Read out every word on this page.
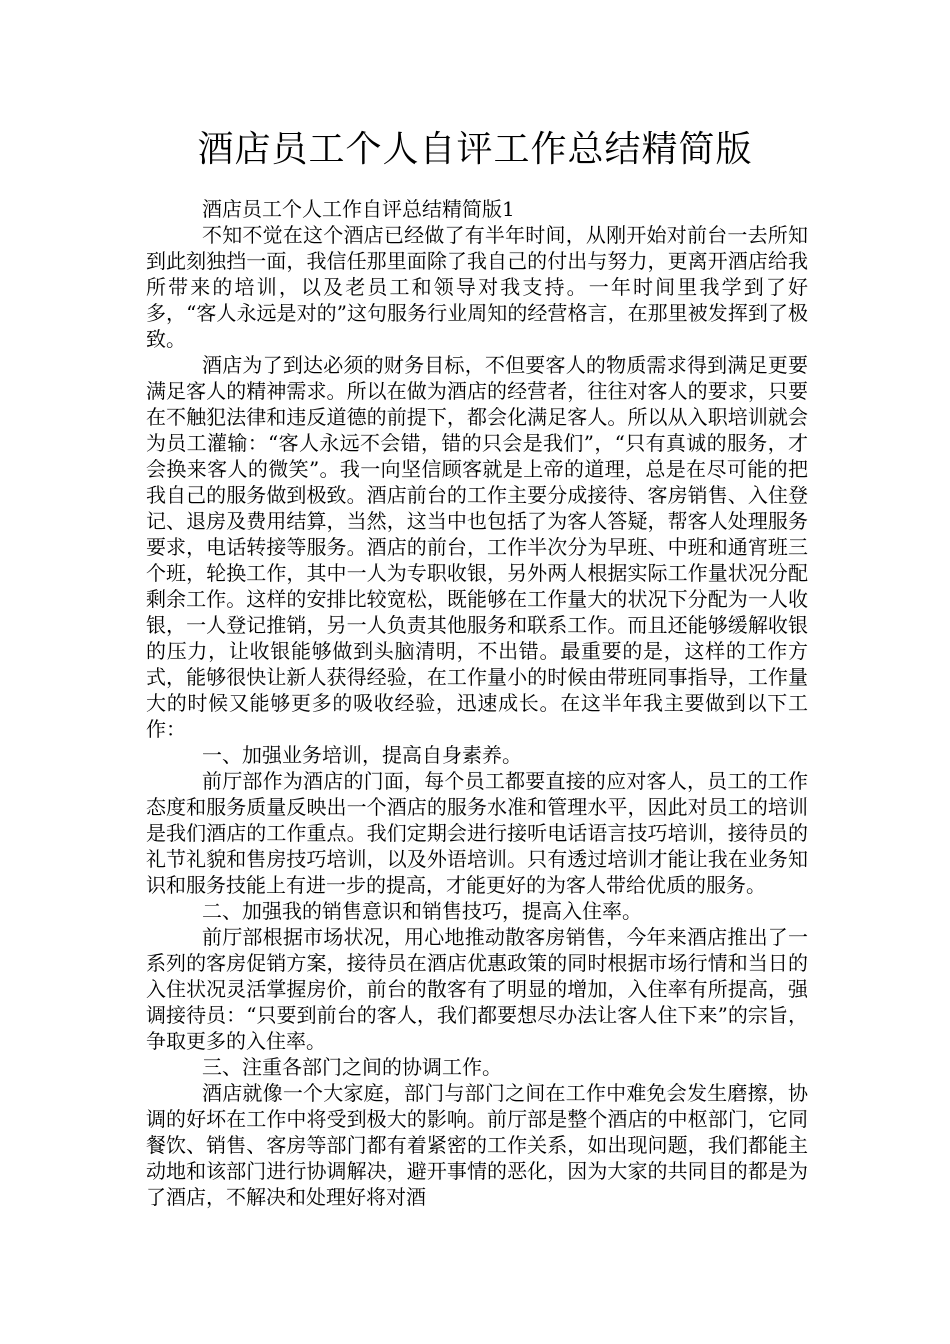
酒店员工个人自评工作总结精简版

酒店员工个人工作自评总结精简版1

不知不觉在这个酒店已经做了有半年时间，从刚开始对前台一去所知到此刻独挡一面，我信任那里面除了我自己的付出与努力，更离开酒店给我所带来的培训，以及老员工和领导对我支持。一年时间里我学到了好多，“客人永远是对的”这句服务行业周知的经营格言，在那里被发挥到了极致。

酒店为了到达必须的财务目标，不但要客人的物质需求得到满足更要满足客人的精神需求。所以在做为酒店的经营者，往往对客人的要求，只要在不触犯法律和违反道德的前提下，都会化满足客人。所以从入职培训就会为员工灌输：“客人永远不会错，错的只会是我们”，“只有真诚的服务，才会换来客人的微笑”。我一向坚信顾客就是上帝的道理，总是在尽可能的把我自己的服务做到极致。酒店前台的工作主要分成接待、客房销售、入住登记、退房及费用结算，当然，这当中也包括了为客人答疑，帮客人处理服务要求，电话转接等服务。酒店的前台，工作半次分为早班、中班和通宵班三个班，轮换工作，其中一人为专职收银，另外两人根据实际工作量状况分配剩余工作。这样的安排比较宽松，既能够在工作量大的状况下分配为一人收银，一人登记推销，另一人负责其他服务和联系工作。而且还能够缓解收银的压力，让收银能够做到头脑清明，不出错。最重要的是，这样的工作方式，能够很快让新人获得经验，在工作量小的时候由带班同事指导，工作量大的时候又能够更多的吸收经验，迅速成长。在这半年我主要做到以下工作：

一、加强业务培训，提高自身素养。

前厅部作为酒店的门面，每个员工都要直接的应对客人，员工的工作态度和服务质量反映出一个酒店的服务水准和管理水平，因此对员工的培训是我们酒店的工作重点。我们定期会进行接听电话语言技巧培训，接待员的礼节礼貌和售房技巧培训，以及外语培训。只有透过培训才能让我在业务知识和服务技能上有进一步的提高，才能更好的为客人带给优质的服务。

二、加强我的销售意识和销售技巧，提高入住率。

前厅部根据市场状况，用心地推动散客房销售，今年来酒店推出了一系列的客房促销方案，接待员在酒店优惠政策的同时根据市场行情和当日的入住状况灵活掌握房价，前台的散客有了明显的增加，入住率有所提高，强调接待员：“只要到前台的客人，我们都要想尽办法让客人住下来”的宗旨，争取更多的入住率。

三、注重各部门之间的协调工作。

酒店就像一个大家庭，部门与部门之间在工作中难免会发生磨擦，协调的好坏在工作中将受到极大的影响。前厅部是整个酒店的中枢部门，它同餐饮、销售、客房等部门都有着紧密的工作关系，如出现问题，我们都能主动地和该部门进行协调解决，避开事情的恶化，因为大家的共同目的都是为了酒店，不解决和处理好将对酒
